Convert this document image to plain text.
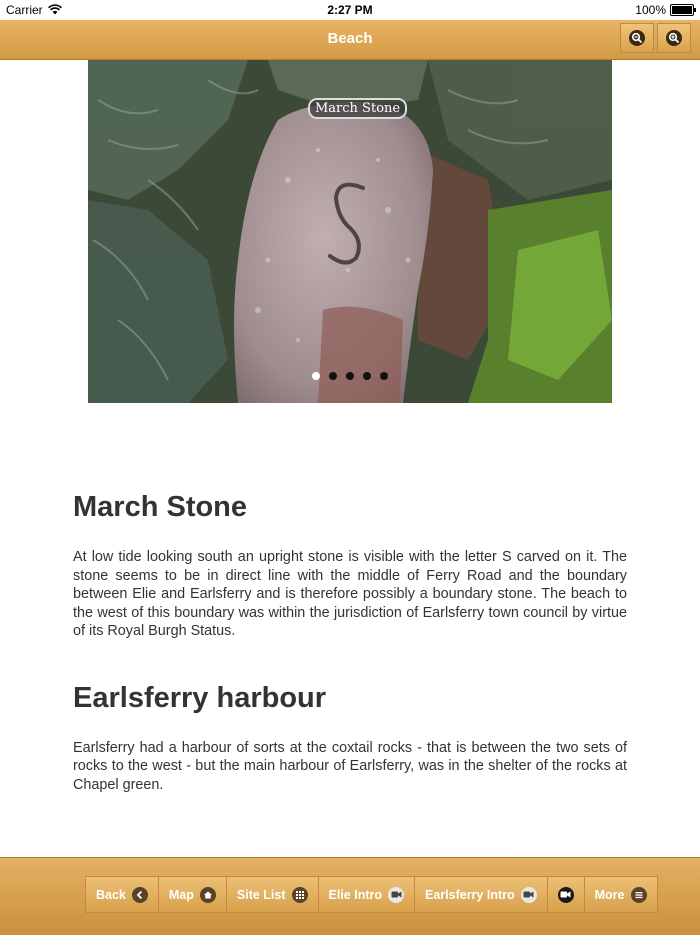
Carrier	2:27 PM	100%
Beach
March Stone
March Stone

At low tide looking south an upright stone is visible with the letter S carved on it. The stone seems to be in direct line with the middle of Ferry Road and the boundary between Elie and Earlsferry and is therefore possibly a boundary stone. The beach to the west of this boundary was within the jurisdiction of Earlsferry town council by virtue of its Royal Burgh Status.

Earlsferry harbour

Earlsferry had a harbour of sorts at the coxtail rocks - that is between the two sets of rocks to the west - but the main harbour of Earlsferry, was in the shelter of the rocks at Chapel green.

Back	Map	Site List	Elie Intro	Earlsferry Intro	More
